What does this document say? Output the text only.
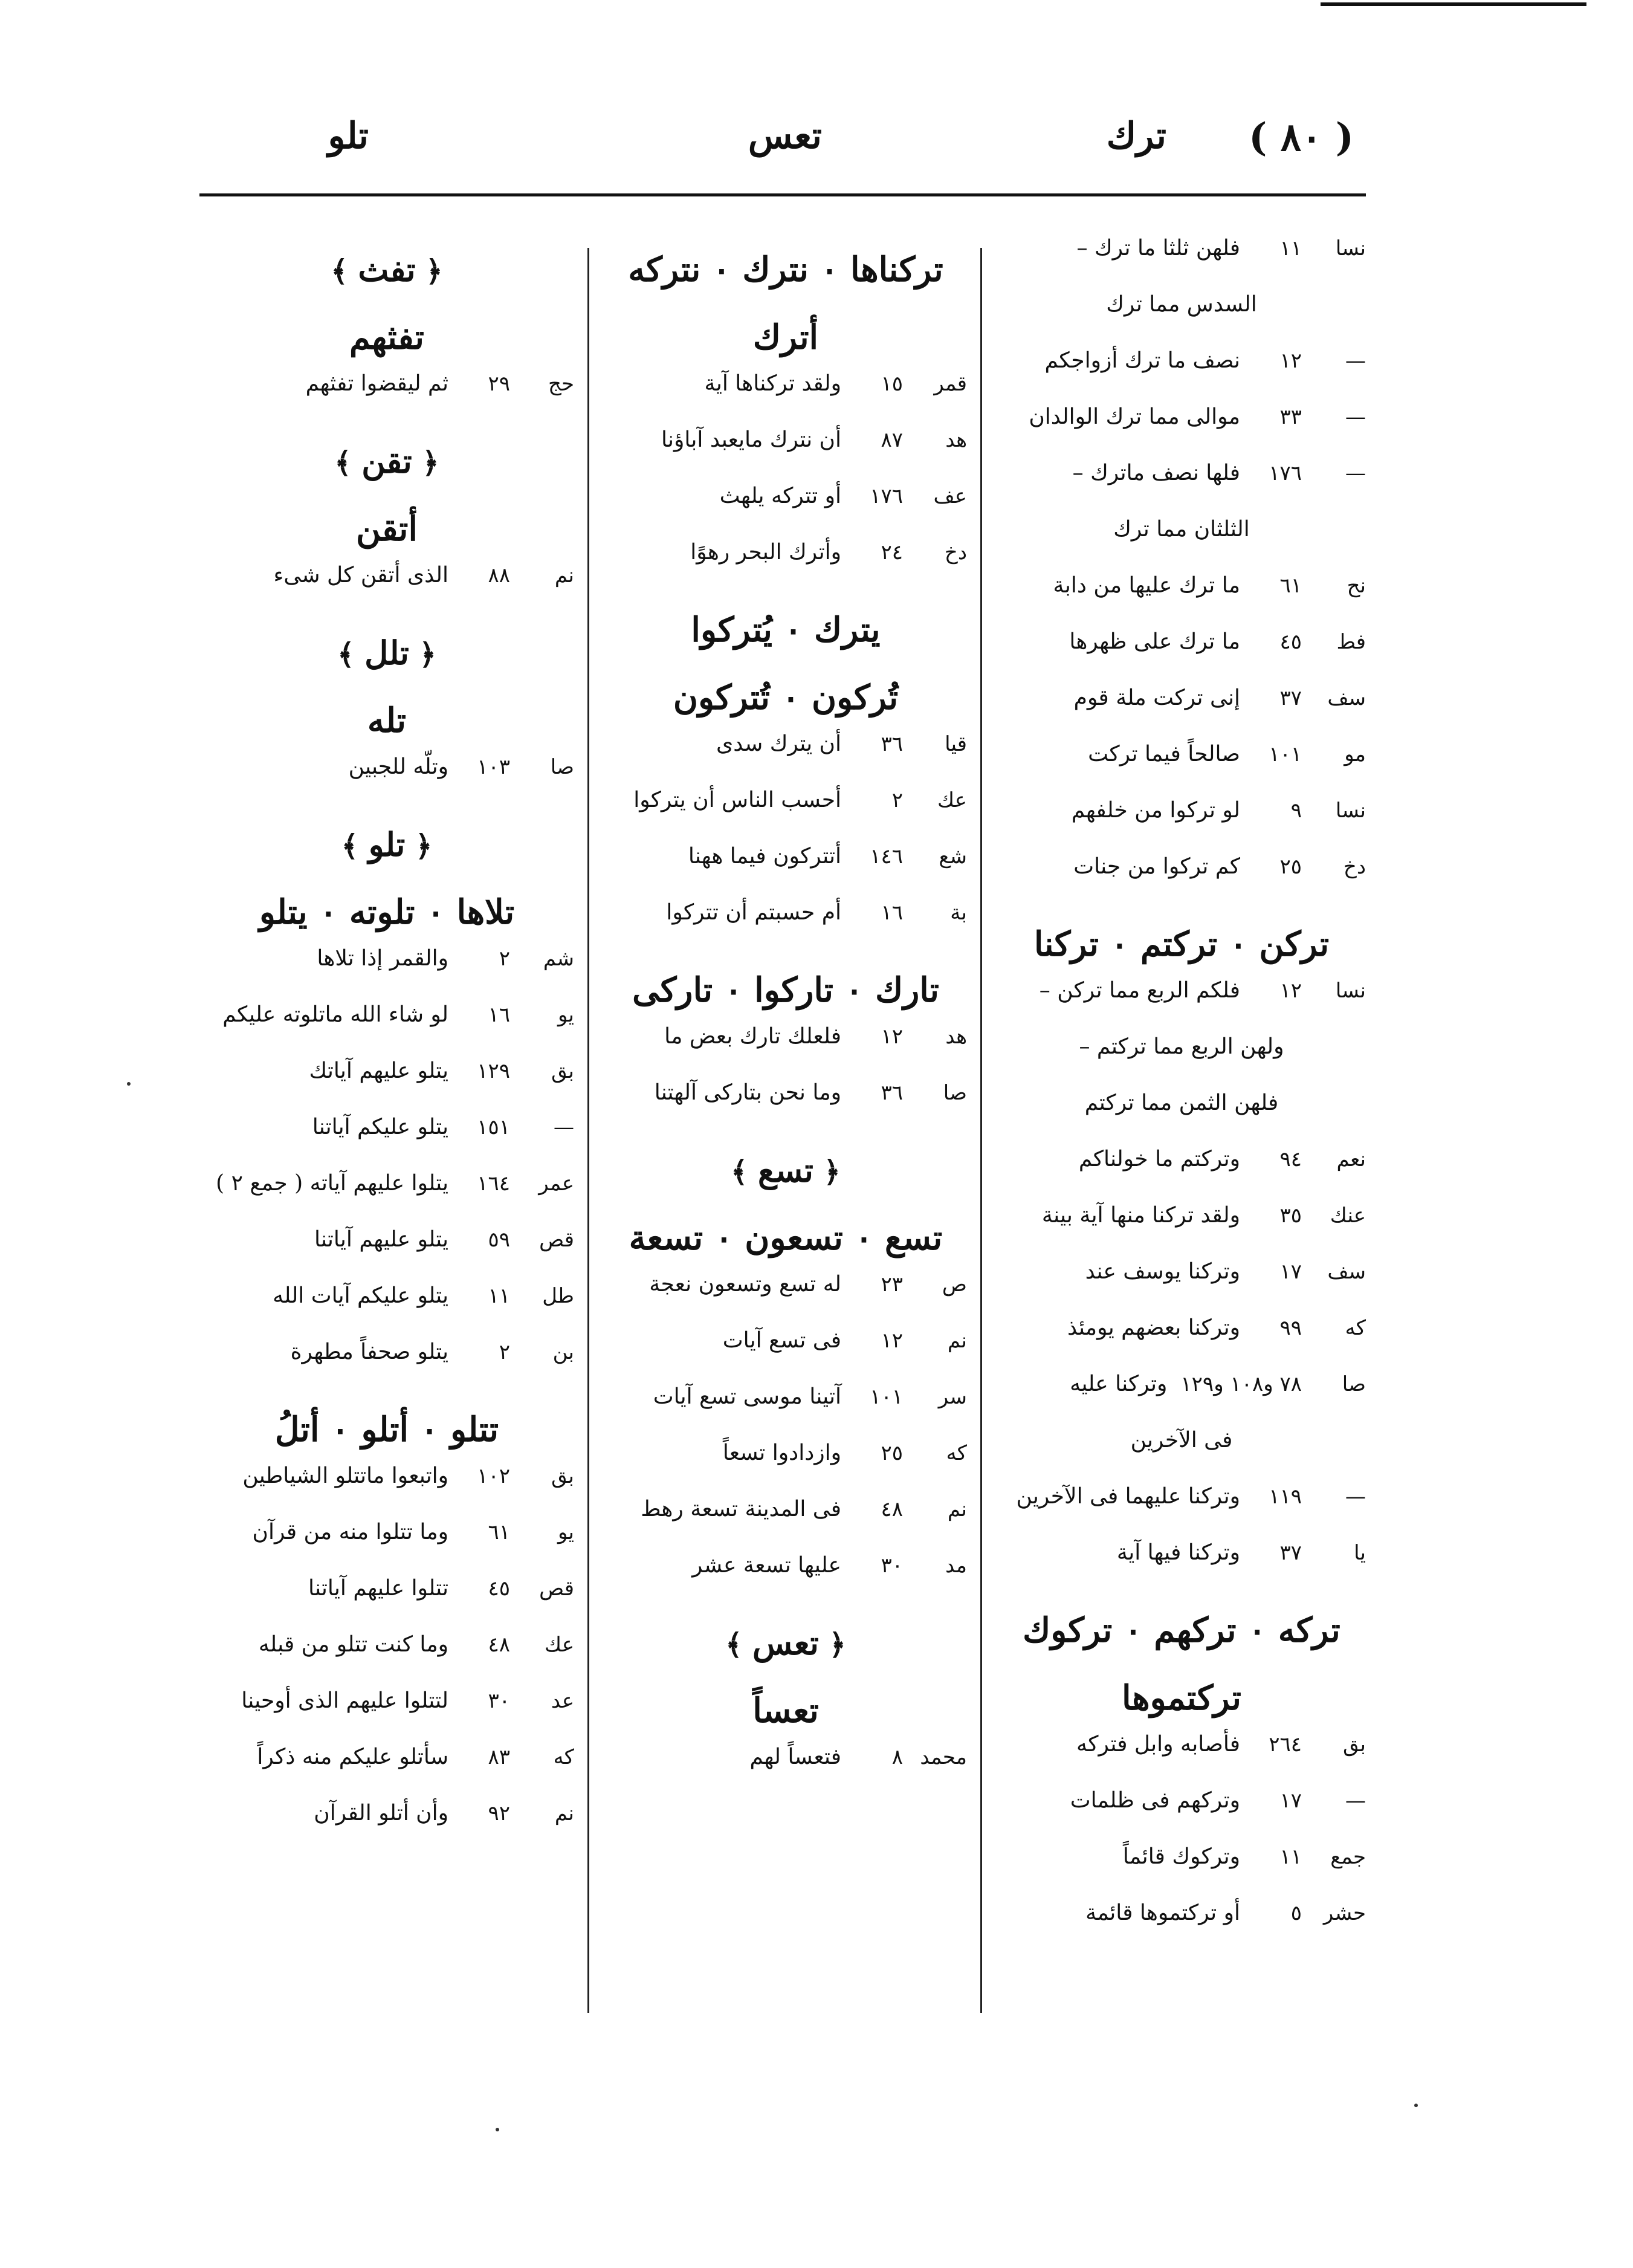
( ٨٠ )
ترك
تعس
تلو
نسا
١١
فلهن ثلثا ما ترك –
السدس مما ترك
—
١٢
نصف ما ترك أزواجكم
—
٣٣
موالى مما ترك الوالدان
—
١٧٦
فلها نصف ماترك –
الثلثان مما ترك
نح
٦١
ما ترك عليها من دابة
فط
٤٥
ما ترك على ظهرها
سف
٣٧
إنى تركت ملة قوم
مو
١٠١
صالحاً فيما تركت
نسا
٩
لو تركوا من خلفهم
دخ
٢٥
كم تركوا من جنات
تركن ٠ تركتم ٠ تركنا
نسا
١٢
فلكم الربع مما تركن –
ولهن الربع مما تركتم –
فلهن الثمن مما تركتم
نعم
٩٤
وتركتم ما خولناكم
عنك
٣٥
ولقد تركنا منها آية بينة
سف
١٧
وتركنا يوسف عند
كه
٩٩
وتركنا بعضهم يومئذ
صا
٧٨ و١٠٨ و١٢٩
وتركنا عليه
فى الآخرين
—
١١٩
وتركنا عليهما فى الآخرين
يا
٣٧
وتركنا فيها آية
تركه ٠ تركهم ٠ تركوك
تركتموها
بق
٢٦٤
فأصابه وابل فتركه
—
١٧
وتركهم فى ظلمات
جمع
١١
وتركوك قائماً
حشر
٥
أو تركتموها قائمة
تركناها ٠ نترك ٠ نتركه
أترك
قمر
١٥
ولقد تركناها آية
هد
٨٧
أن نترك مايعبد آباؤنا
عف
١٧٦
أو تتركه يلهث
دخ
٢٤
وأترك البحر رهوًا
يترك ٠ يُتركوا
تُركون ٠ تُتركون
قيا
٣٦
أن يترك سدى
عك
٢
أحسب الناس أن يتركوا
شع
١٤٦
أتتركون فيما ههنا
بة
١٦
أم حسبتم أن تتركوا
تارك ٠ تاركوا ٠ تاركى
هد
١٢
فلعلك تارك بعض ما
صا
٣٦
وما نحن بتاركى آلهتنا
﴿ تسع ﴾
تسع ٠ تسعون ٠ تسعة
ص
٢٣
له تسع وتسعون نعجة
نم
١٢
فى تسع آيات
سر
١٠١
آتينا موسى تسع آيات
كه
٢٥
وازدادوا تسعاً
نم
٤٨
فى المدينة تسعة رهط
مد
٣٠
عليها تسعة عشر
﴿ تعس ﴾
تعساً
محمد
٨
فتعساً لهم
﴿ تفث ﴾
تفثهم
حج
٢٩
ثم ليقضوا تفثهم
﴿ تقن ﴾
أتقن
نم
٨٨
الذى أتقن كل شىء
﴿ تلل ﴾
تله
صا
١٠٣
وتلّه للجبين
﴿ تلو ﴾
تلاها ٠ تلوته ٠ يتلو
شم
٢
والقمر إذا تلاها
يو
١٦
لو شاء الله ماتلوته عليكم
بق
١٢٩
يتلو عليهم آياتك
—
١٥١
يتلو عليكم آياتنا
عمر
١٦٤
يتلوا عليهم آياته ( جمع ٢ )
قص
٥٩
يتلو عليهم آياتنا
طل
١١
يتلو عليكم آيات الله
بن
٢
يتلو صحفاً مطهرة
تتلو ٠ أتلو ٠ أتلُ
بق
١٠٢
واتبعوا ماتتلو الشياطين
يو
٦١
وما تتلوا منه من قرآن
قص
٤٥
تتلوا عليهم آياتنا
عك
٤٨
وما كنت تتلو من قبله
عد
٣٠
لتتلوا عليهم الذى أوحينا
كه
٨٣
سأتلو عليكم منه ذكراً
نم
٩٢
وأن أتلو القرآن
